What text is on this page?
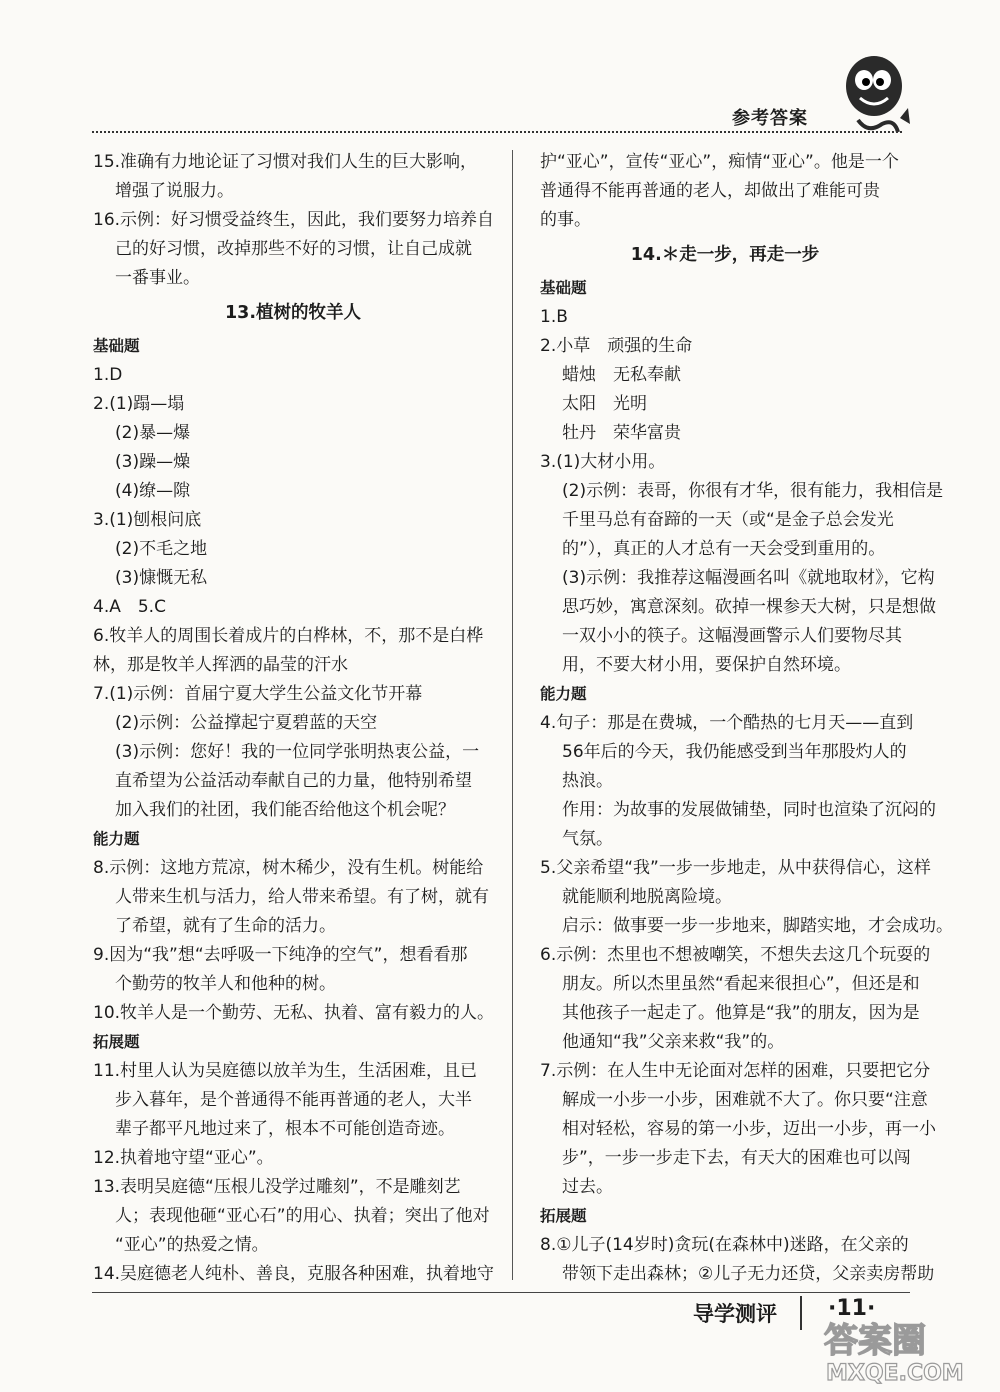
参考答案
15.准确有力地论证了习惯对我们人生的巨大影响，
增强了说服力。
16.示例：好习惯受益终生，因此，我们要努力培养自
己的好习惯，改掉那些不好的习惯，让自己成就
一番事业。
13.植树的牧羊人
基础题
1.D
2.(1)蹋—塌
(2)暴—爆
(3)躁—燥
(4)缭—隙
3.(1)刨根问底
(2)不毛之地
(3)慷慨无私
4.A　5.C
6.牧羊人的周围长着成片的白桦林，不，那不是白桦
林，那是牧羊人挥洒的晶莹的汗水
7.(1)示例：首届宁夏大学生公益文化节开幕
(2)示例：公益撑起宁夏碧蓝的天空
(3)示例：您好！我的一位同学张明热衷公益，一
直希望为公益活动奉献自己的力量，他特别希望
加入我们的社团，我们能否给他这个机会呢？
能力题
8.示例：这地方荒凉，树木稀少，没有生机。树能给
人带来生机与活力，给人带来希望。有了树，就有
了希望，就有了生命的活力。
9.因为“我”想“去呼吸一下纯净的空气”，想看看那
个勤劳的牧羊人和他种的树。
10.牧羊人是一个勤劳、无私、执着、富有毅力的人。
拓展题
11.村里人认为吴庭德以放羊为生，生活困难，且已
步入暮年，是个普通得不能再普通的老人，大半
辈子都平凡地过来了，根本不可能创造奇迹。
12.执着地守望“亚心”。
13.表明吴庭德“压根儿没学过雕刻”，不是雕刻艺
人；表现他砸“亚心石”的用心、执着；突出了他对
“亚心”的热爱之情。
14.吴庭德老人纯朴、善良，克服各种困难，执着地守
护“亚心”，宣传“亚心”，痴情“亚心”。他是一个
普通得不能再普通的老人，却做出了难能可贵
的事。
14.＊走一步，再走一步
基础题
1.B
2.小草　顽强的生命
蜡烛　无私奉献
太阳　光明
牡丹　荣华富贵
3.(1)大材小用。
(2)示例：表哥，你很有才华，很有能力，我相信是
千里马总有奋蹄的一天（或“是金子总会发光
的”），真正的人才总有一天会受到重用的。
(3)示例：我推荐这幅漫画名叫《就地取材》，它构
思巧妙，寓意深刻。砍掉一棵参天大树，只是想做
一双小小的筷子。这幅漫画警示人们要物尽其
用，不要大材小用，要保护自然环境。
能力题
4.句子：那是在费城，一个酷热的七月天——直到
56年后的今天，我仍能感受到当年那股灼人的
热浪。
作用：为故事的发展做铺垫，同时也渲染了沉闷的
气氛。
5.父亲希望“我”一步一步地走，从中获得信心，这样
就能顺利地脱离险境。
启示：做事要一步一步地来，脚踏实地，才会成功。
6.示例：杰里也不想被嘲笑，不想失去这几个玩耍的
朋友。所以杰里虽然“看起来很担心”，但还是和
其他孩子一起走了。他算是“我”的朋友，因为是
他通知“我”父亲来救“我”的。
7.示例：在人生中无论面对怎样的困难，只要把它分
解成一小步一小步，困难就不大了。你只要“注意
相对轻松，容易的第一小步，迈出一小步，再一小
步”，一步一步走下去，有天大的困难也可以闯
过去。
拓展题
8.①儿子(14岁时)贪玩(在森林中)迷路，在父亲的
带领下走出森林；②儿子无力还贷，父亲卖房帮助
导学测评 ·11·
答案圈
MXQE.COM
